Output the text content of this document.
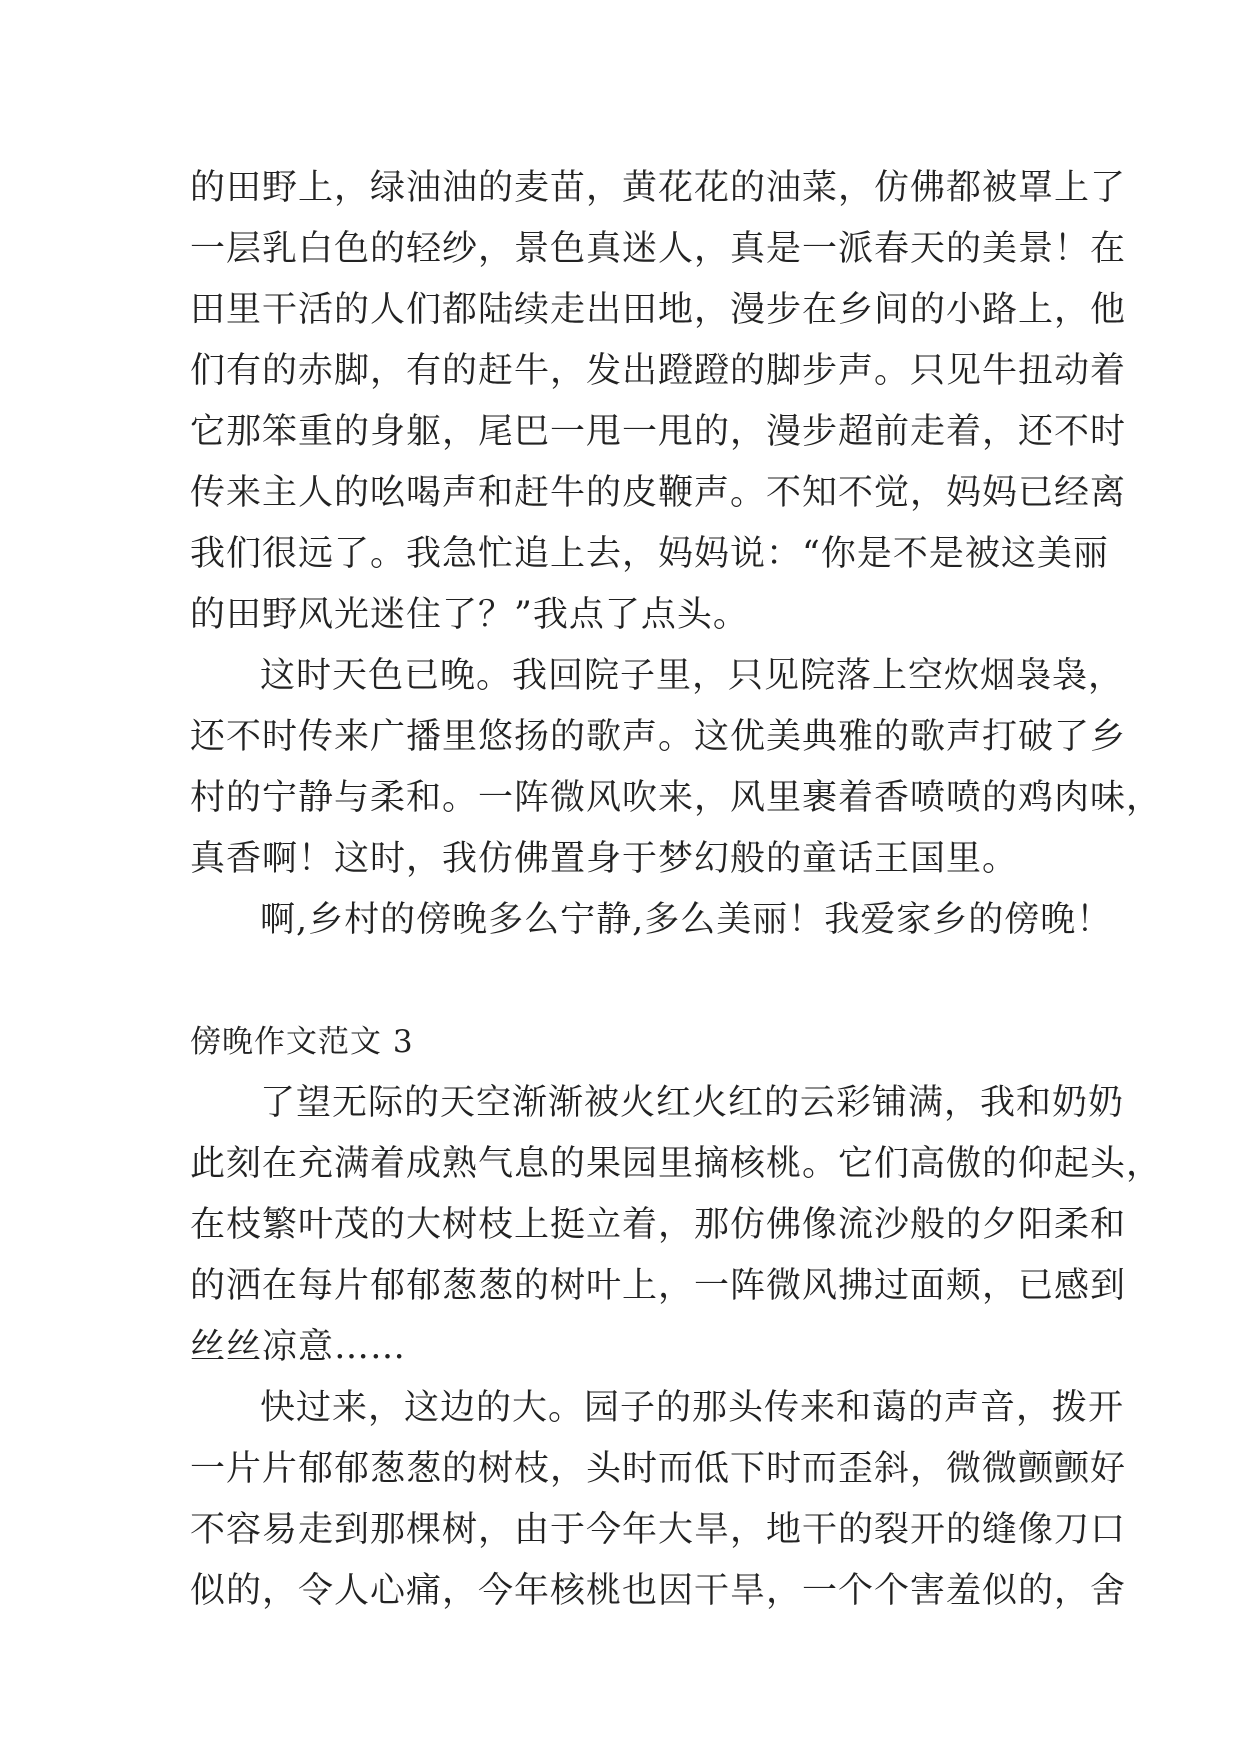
的田野上，绿油油的麦苗，黄花花的油菜，仿佛都被罩上了
一层乳白色的轻纱，景色真迷人，真是一派春天的美景！在
田里干活的人们都陆续走出田地，漫步在乡间的小路上，他
们有的赤脚，有的赶牛，发出蹬蹬的脚步声。只见牛扭动着
它那笨重的身躯，尾巴一甩一甩的，漫步超前走着，还不时
传来主人的吆喝声和赶牛的皮鞭声。不知不觉，妈妈已经离
我们很远了。我急忙追上去，妈妈说：“你是不是被这美丽
的田野风光迷住了？”我点了点头。
这时天色已晚。我回院子里，只见院落上空炊烟袅袅，
还不时传来广播里悠扬的歌声。这优美典雅的歌声打破了乡
村的宁静与柔和。一阵微风吹来，风里裹着香喷喷的鸡肉味，
真香啊！这时，我仿佛置身于梦幻般的童话王国里。
啊,乡村的傍晚多么宁静,多么美丽！我爱家乡的傍晚！
傍晚作文范文 3
了望无际的天空渐渐被火红火红的云彩铺满，我和奶奶
此刻在充满着成熟气息的果园里摘核桃。它们高傲的仰起头，
在枝繁叶茂的大树枝上挺立着，那仿佛像流沙般的夕阳柔和
的洒在每片郁郁葱葱的树叶上，一阵微风拂过面颊，已感到
丝丝凉意……
快过来，这边的大。园子的那头传来和蔼的声音，拨开
一片片郁郁葱葱的树枝，头时而低下时而歪斜，微微颤颤好
不容易走到那棵树，由于今年大旱，地干的裂开的缝像刀口
似的，令人心痛，今年核桃也因干旱，一个个害羞似的，舍
